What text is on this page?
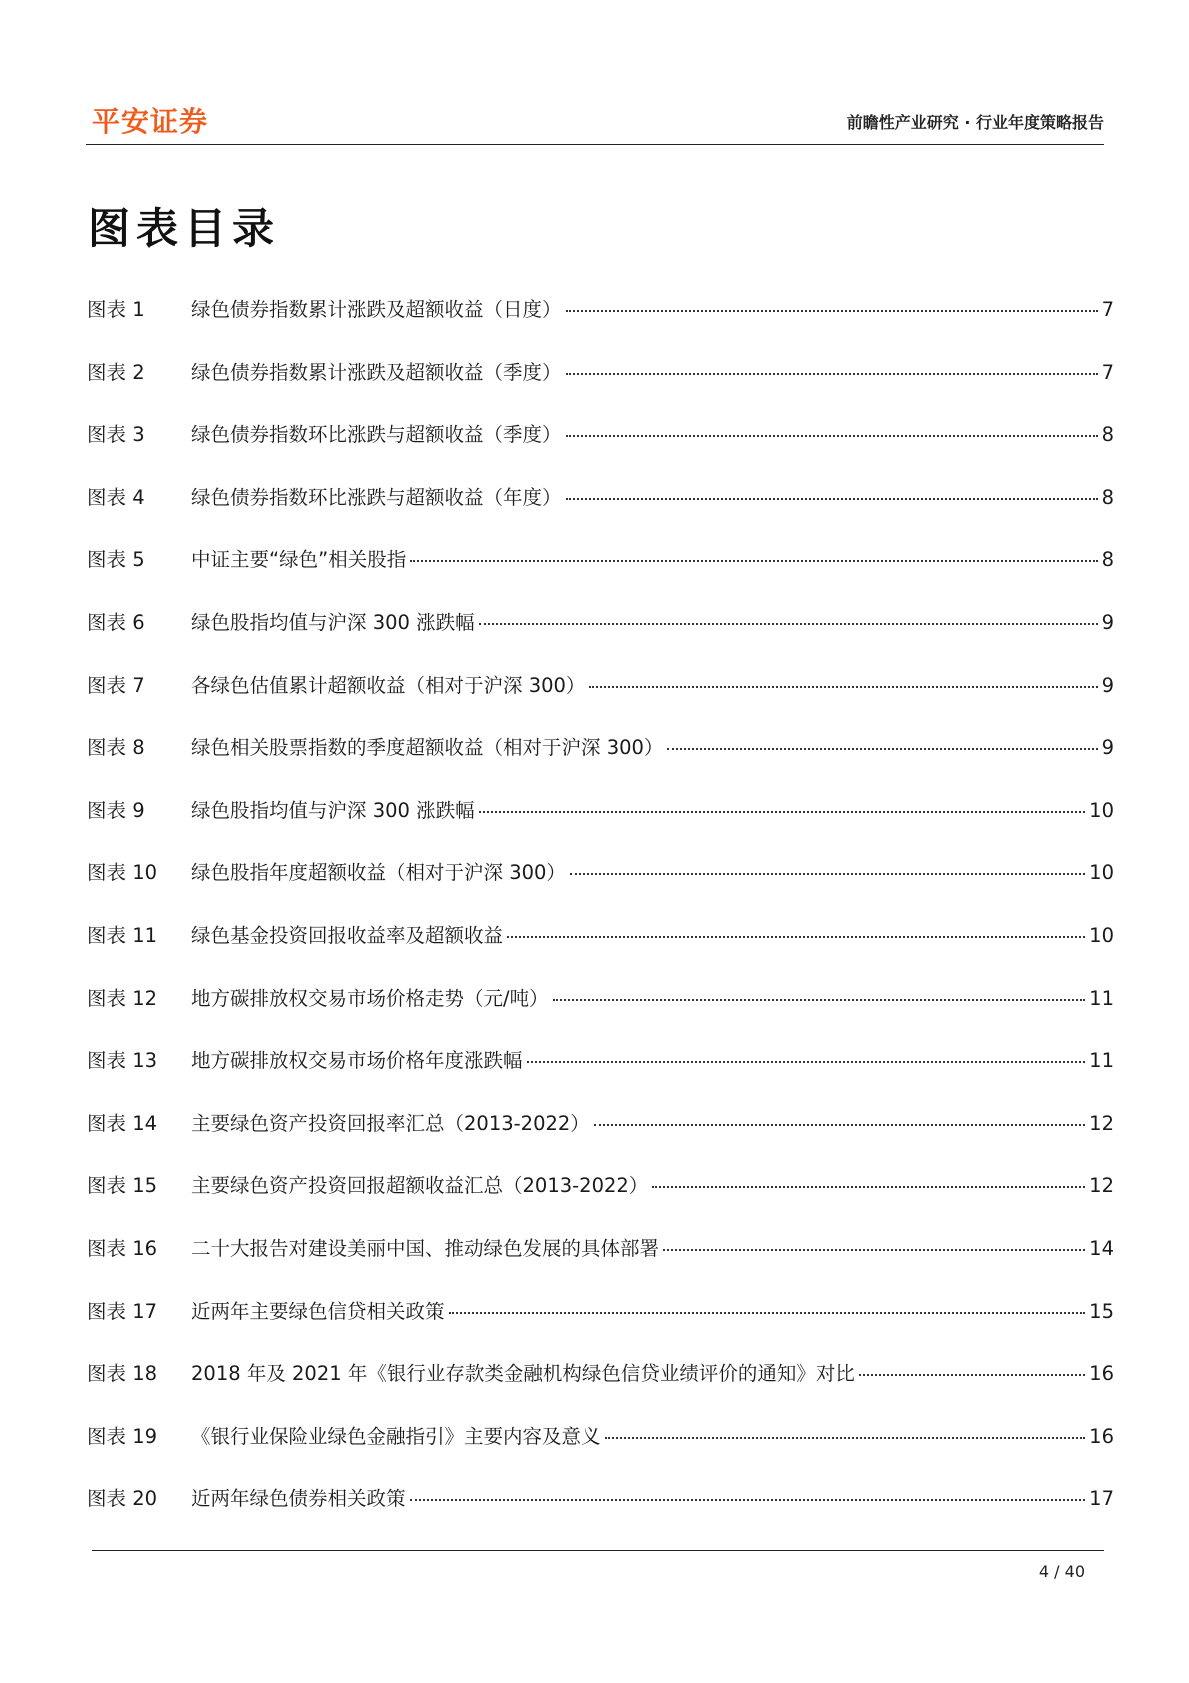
平安证券	前瞻性产业研究 · 行业年度策略报告
图表目录
图表 1	绿色债券指数累计涨跌及超额收益（日度）	7
图表 2	绿色债券指数累计涨跌及超额收益（季度）	7
图表 3	绿色债券指数环比涨跌与超额收益（季度）	8
图表 4	绿色债券指数环比涨跌与超额收益（年度）	8
图表 5	中证主要“绿色”相关股指	8
图表 6	绿色股指均值与沪深 300 涨跌幅	9
图表 7	各绿色估值累计超额收益（相对于沪深 300）	9
图表 8	绿色相关股票指数的季度超额收益（相对于沪深 300）	9
图表 9	绿色股指均值与沪深 300 涨跌幅	10
图表 10	绿色股指年度超额收益（相对于沪深 300）	10
图表 11	绿色基金投资回报收益率及超额收益	10
图表 12	地方碳排放权交易市场价格走势（元/吨）	11
图表 13	地方碳排放权交易市场价格年度涨跌幅	11
图表 14	主要绿色资产投资回报率汇总（2013-2022）	12
图表 15	主要绿色资产投资回报超额收益汇总（2013-2022）	12
图表 16	二十大报告对建设美丽中国、推动绿色发展的具体部署	14
图表 17	近两年主要绿色信贷相关政策	15
图表 18	2018 年及 2021 年《银行业存款类金融机构绿色信贷业绩评价的通知》对比	16
图表 19	《银行业保险业绿色金融指引》主要内容及意义	16
图表 20	近两年绿色债券相关政策	17
4 / 40
